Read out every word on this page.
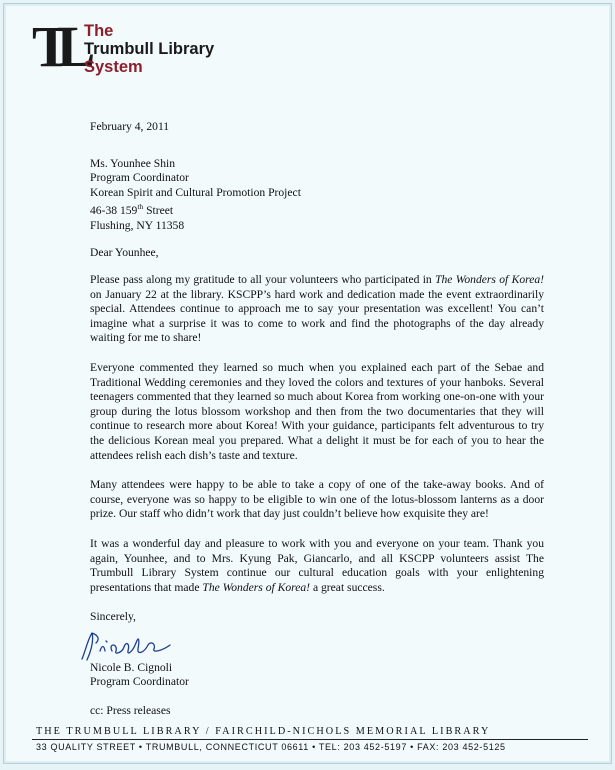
TL The
Trumbull Library
System
February 4, 2011
Ms. Younhee Shin
Program Coordinator
Korean Spirit and Cultural Promotion Project
46-38 159th Street
Flushing, NY 11358
Dear Younhee,
Please pass along my gratitude to all your volunteers who participated in The Wonders of Korea! on January 22 at the library. KSCPP’s hard work and dedication made the event extraordinarily special. Attendees continue to approach me to say your presentation was excellent! You can’t imagine what a surprise it was to come to work and find the photographs of the day already waiting for me to share!
Everyone commented they learned so much when you explained each part of the Sebae and Traditional Wedding ceremonies and they loved the colors and textures of your hanboks. Several teenagers commented that they learned so much about Korea from working one-on-one with your group during the lotus blossom workshop and then from the two documentaries that they will continue to research more about Korea! With your guidance, participants felt adventurous to try the delicious Korean meal you prepared. What a delight it must be for each of you to hear the attendees relish each dish’s taste and texture.
Many attendees were happy to be able to take a copy of one of the take-away books. And of course, everyone was so happy to be eligible to win one of the lotus-blossom lanterns as a door prize. Our staff who didn’t work that day just couldn’t believe how exquisite they are!
It was a wonderful day and pleasure to work with you and everyone on your team. Thank you again, Younhee, and to Mrs. Kyung Pak, Giancarlo, and all KSCPP volunteers assist The Trumbull Library System continue our cultural education goals with your enlightening presentations that made The Wonders of Korea! a great success.
Sincerely,
Nicole B. Cignoli
Program Coordinator
cc: Press releases
THE TRUMBULL LIBRARY / FAIRCHILD-NICHOLS MEMORIAL LIBRARY
33 QUALITY STREET • TRUMBULL, CONNECTICUT 06611 • TEL: 203 452-5197 • FAX: 203 452-5125
